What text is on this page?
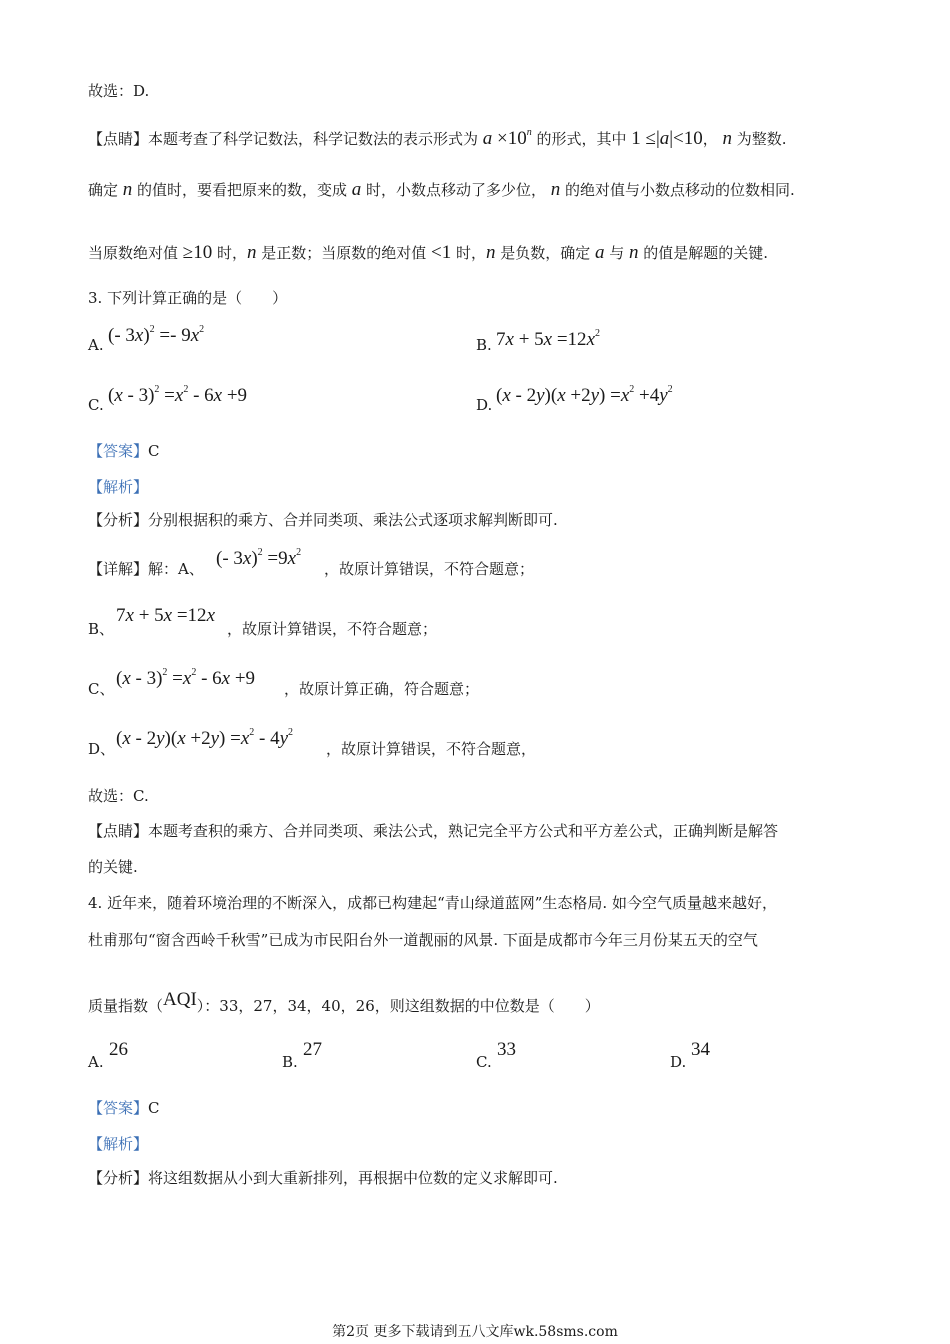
故选：D.
【点睛】本题考查了科学记数法，科学记数法的表示形式为 $a \times 10^n$ 的形式，其中 1 ≤|a|<10， n 为整数.
确定 n 的值时，要看把原来的数，变成 a 时，小数点移动了多少位， n 的绝对值与小数点移动的位数相同.
当原数绝对值 ≥10 时，n 是正数；当原数的绝对值 <1 时，n 是负数，确定 a 与 n 的值是解题的关键.
3. 下列计算正确的是（　　）
A. (- $3x)^2 =- 9x^2$
B. $7x + 5x =12x^2$
C. $(x - 3)^2 =x^2 - 6x +9$	D. $(x - 2y)(x +2y) =x^2 +4y^2$
【答案】C
【解析】
【分析】分别根据积的乘方、合并同类项、乘法公式逐项求解判断即可.
【详解】解：A、 (- $3x)^2 =9x^2$
，故原计算错误，不符合题意；
B、
7x + 5x =12x
，故原计算错误，不符合题意；
C、 $(x - 3)^2 =x^2 - 6x +9$ ，故原计算正确，符合题意；
D、 $(x - 2y)(x +2y) =x^2 - 4y^2$
，故原计算错误，不符合题意，
故选：C.
【点睛】本题考查积的乘方、合并同类项、乘法公式，熟记完全平方公式和平方差公式，正确判断是解答
的关键.
4. 近年来，随着环境治理的不断深入，成都已构建起“青山绿道蓝网”生态格局. 如今空气质量越来越好，
杜甫那句“窗含西岭千秋雪”已成为市民阳台外一道靓丽的风景. 下面是成都市今年三月份某五天的空气
质量指数（AQI）：33，27，34，40，26，则这组数据的中位数是（　　）
A.
26
B.
27
C.
33
D.
34
【答案】C
【解析】
【分析】将这组数据从小到大重新排列，再根据中位数的定义求解即可.
第2页 更多下载请到五八文库wk.58sms.com
